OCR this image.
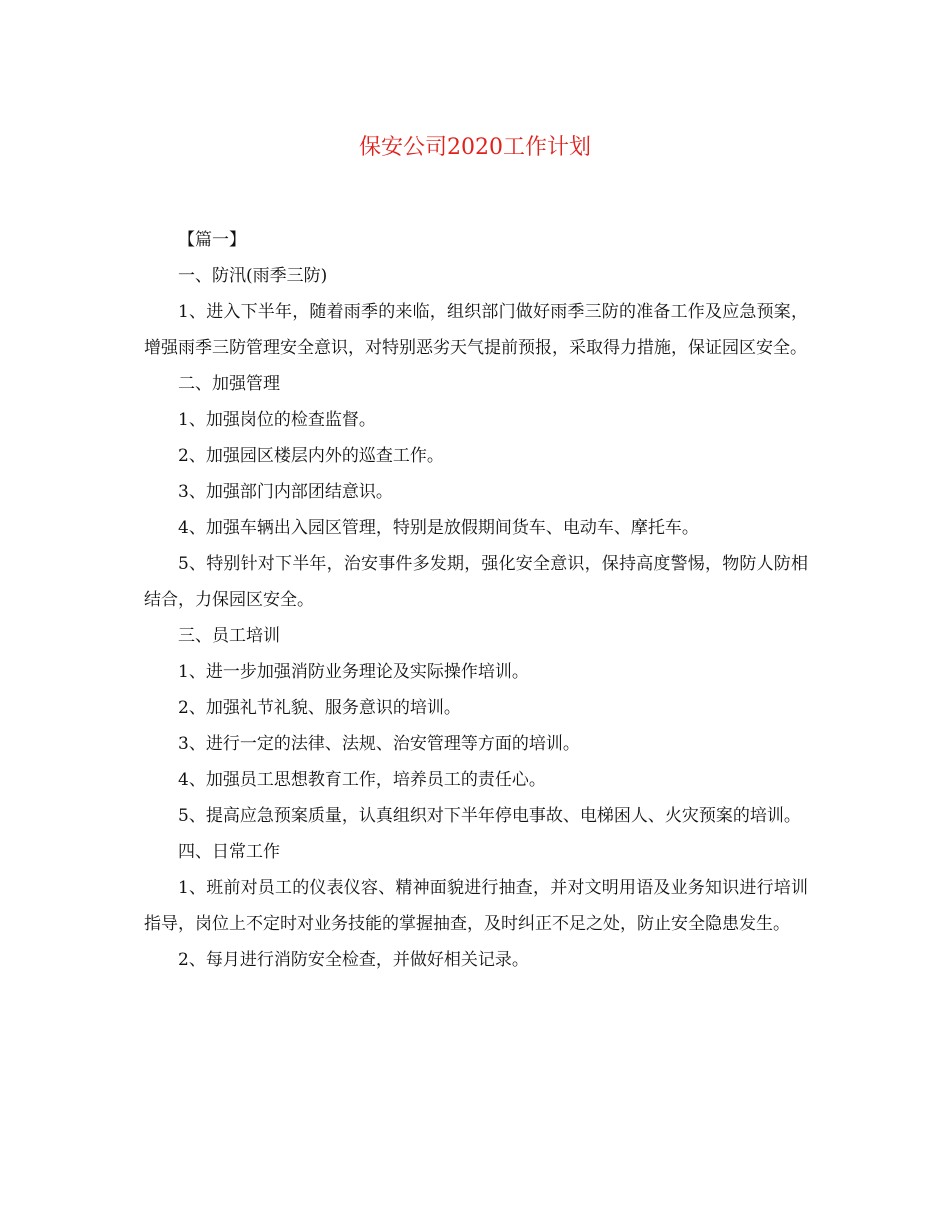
保安公司2020工作计划

【篇一】

一、防汛(雨季三防)

1、进入下半年，随着雨季的来临，组织部门做好雨季三防的准备工作及应急预案，增强雨季三防管理安全意识，对特别恶劣天气提前预报，采取得力措施，保证园区安全。

二、加强管理

1、加强岗位的检查监督。

2、加强园区楼层内外的巡查工作。

3、加强部门内部团结意识。

4、加强车辆出入园区管理，特别是放假期间货车、电动车、摩托车。

5、特别针对下半年，治安事件多发期，强化安全意识，保持高度警惕，物防人防相结合，力保园区安全。

三、员工培训

1、进一步加强消防业务理论及实际操作培训。

2、加强礼节礼貌、服务意识的培训。

3、进行一定的法律、法规、治安管理等方面的培训。

4、加强员工思想教育工作，培养员工的责任心。

5、提高应急预案质量，认真组织对下半年停电事故、电梯困人、火灾预案的培训。

四、日常工作

1、班前对员工的仪表仪容、精神面貌进行抽查，并对文明用语及业务知识进行培训指导，岗位上不定时对业务技能的掌握抽查，及时纠正不足之处，防止安全隐患发生。

2、每月进行消防安全检查，并做好相关记录。
